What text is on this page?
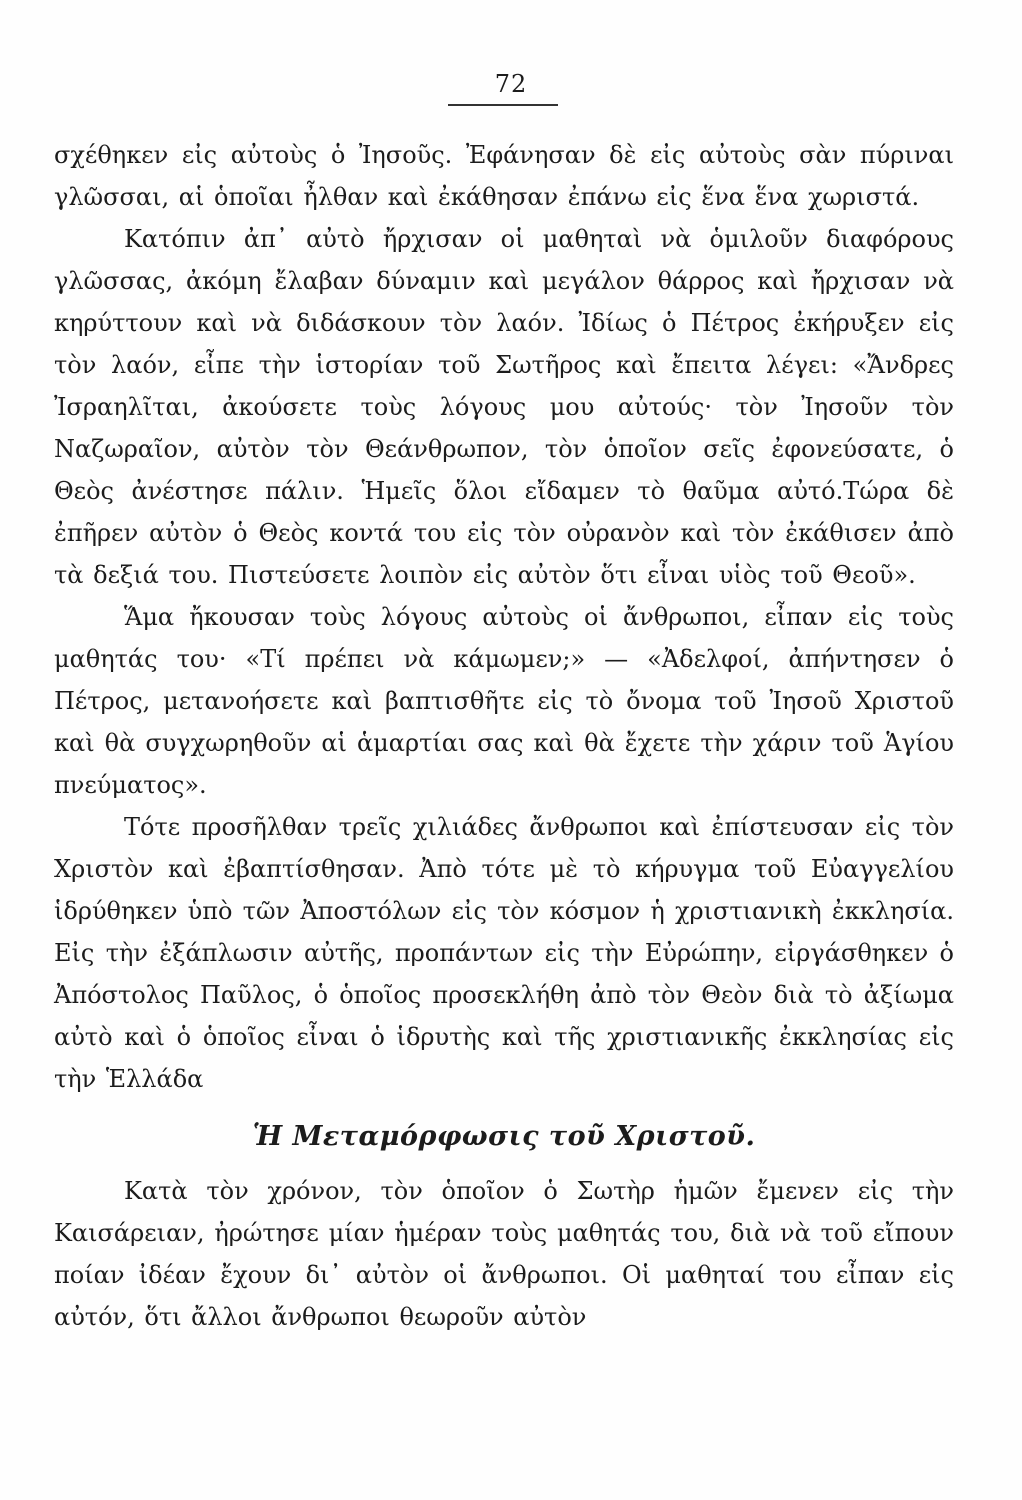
72

σχέθηκεν εἰς αὐτοὺς ὁ Ἰησοῦς. Ἐφάνησαν δὲ εἰς αὐτοὺς σὰν πύριναι γλῶσσαι, αἱ ὁποῖαι ἦλθαν καὶ ἐκάθησαν ἐπάνω εἰς ἕνα ἕνα χωριστά.

Κατόπιν ἀπ᾿ αὐτὸ ἤρχισαν οἱ μαθηταὶ νὰ ὁμιλοῦν διαφόρους γλῶσσας, ἀκόμη ἔλαβαν δύναμιν καὶ μεγάλον θάρρος καὶ ἤρχισαν νὰ κηρύττουν καὶ νὰ διδάσκουν τὸν λαόν. Ἰδίως ὁ Πέτρος ἐκήρυξεν εἰς τὸν λαόν, εἶπε τὴν ἱστορίαν τοῦ Σωτῆρος καὶ ἔπειτα λέγει: «Ἄνδρες Ἰσραηλῖται, ἀκούσετε τοὺς λόγους μου αὐτούς· τὸν Ἰησοῦν τὸν Ναζωραῖον, αὐτὸν τὸν Θεάνθρωπον, τὸν ὁποῖον σεῖς ἐφονεύσατε, ὁ Θεὸς ἀνέστησε πάλιν. Ἡμεῖς ὅλοι εἴδαμεν τὸ θαῦμα αὐτό.Τώρα δὲ ἐπῆρεν αὐτὸν ὁ Θεὸς κοντά του εἰς τὸν οὐρανὸν καὶ τὸν ἐκάθισεν ἀπὸ τὰ δεξιά του. Πιστεύσετε λοιπὸν εἰς αὐτὸν ὅτι εἶναι υἱὸς τοῦ Θεοῦ».

Ἅμα ἤκουσαν τοὺς λόγους αὐτοὺς οἱ ἄνθρωποι, εἶπαν εἰς τοὺς μαθητάς του· «Τί πρέπει νὰ κάμωμεν;» — «Ἀδελφοί, ἀπήντησεν ὁ Πέτρος, μετανοήσετε καὶ βαπτισθῆτε εἰς τὸ ὄνομα τοῦ Ἰησοῦ Χριστοῦ καὶ θὰ συγχωρηθοῦν αἱ ἁμαρτίαι σας καὶ θὰ ἔχετε τὴν χάριν τοῦ Ἁγίου πνεύματος».

Τότε προσῆλθαν τρεῖς χιλιάδες ἄνθρωποι καὶ ἐπίστευσαν εἰς τὸν Χριστὸν καὶ ἐβαπτίσθησαν. Ἀπὸ τότε μὲ τὸ κήρυγμα τοῦ Εὐαγγελίου ἱδρύθηκεν ὑπὸ τῶν Ἀποστόλων εἰς τὸν κόσμον ἡ χριστιανικὴ ἐκκλησία. Εἰς τὴν ἐξάπλωσιν αὐτῆς, προπάντων εἰς τὴν Εὐρώπην, εἰργάσθηκεν ὁ Ἀπόστολος Παῦλος, ὁ ὁποῖος προσεκλήθη ἀπὸ τὸν Θεὸν διὰ τὸ ἀξίωμα αὐτὸ καὶ ὁ ὁποῖος εἶναι ὁ ἱδρυτὴς καὶ τῆς χριστιανικῆς ἐκκλησίας εἰς τὴν Ἑλλάδα

Ἡ Μεταμόρφωσις τοῦ Χριστοῦ.

Κατὰ τὸν χρόνον, τὸν ὁποῖον ὁ Σωτὴρ ἡμῶν ἔμενεν εἰς τὴν Καισάρειαν, ἠρώτησε μίαν ἡμέραν τοὺς μαθητάς του, διὰ νὰ τοῦ εἴπουν ποίαν ἰδέαν ἔχουν δι᾿ αὐτὸν οἱ ἄνθρωποι. Οἱ μαθηταί του εἶπαν εἰς αὐτόν, ὅτι ἄλλοι ἄνθρωποι θεωροῦν αὐτὸν
